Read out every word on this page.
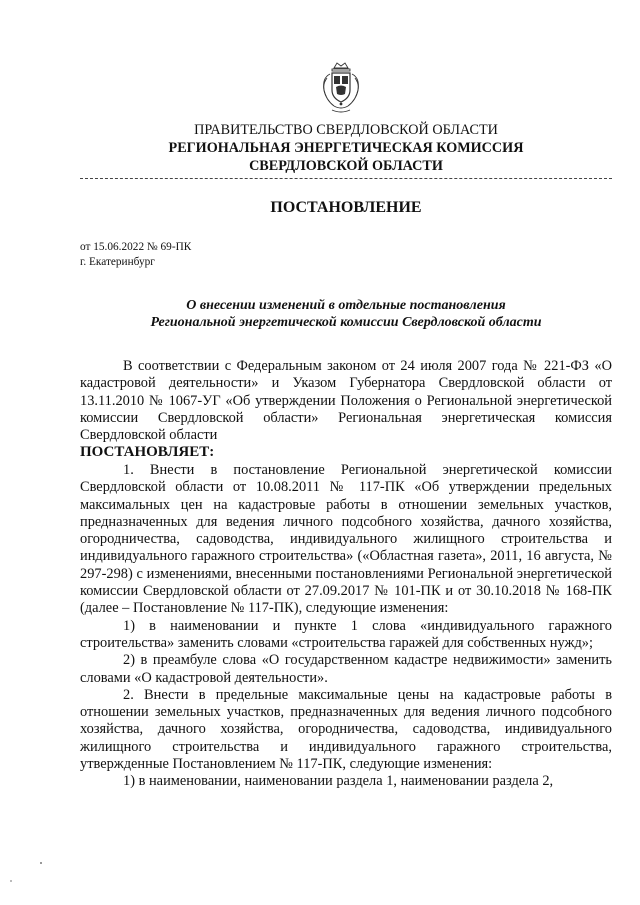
ПРАВИТЕЛЬСТВО СВЕРДЛОВСКОЙ ОБЛАСТИ
РЕГИОНАЛЬНАЯ ЭНЕРГЕТИЧЕСКАЯ КОМИССИЯ
СВЕРДЛОВСКОЙ ОБЛАСТИ
ПОСТАНОВЛЕНИЕ
от 15.06.2022 № 69-ПК
г. Екатеринбург
О внесении изменений в отдельные постановления
Региональной энергетической комиссии Свердловской области

В соответствии с Федеральным законом от 24 июля 2007 года № 221-ФЗ «О кадастровой деятельности» и Указом Губернатора Свердловской области от 13.11.2010 № 1067-УГ «Об утверждении Положения о Региональной энергетической комиссии Свердловской области» Региональная энергетическая комиссия Свердловской области

ПОСТАНОВЛЯЕТ:

1. Внести в постановление Региональной энергетической комиссии Свердловской области от 10.08.2011 № 117-ПК «Об утверждении предельных максимальных цен на кадастровые работы в отношении земельных участков, предназначенных для ведения личного подсобного хозяйства, дачного хозяйства, огородничества, садоводства, индивидуального жилищного строительства и индивидуального гаражного строительства» («Областная газета», 2011, 16 августа, № 297-298) с изменениями, внесенными постановлениями Региональной энергетической комиссии Свердловской области от 27.09.2017 № 101-ПК и от 30.10.2018 № 168-ПК (далее – Постановление № 117-ПК), следующие изменения:

1) в наименовании и пункте 1 слова «индивидуального гаражного строительства» заменить словами «строительства гаражей для собственных нужд»;

2) в преамбуле слова «О государственном кадастре недвижимости» заменить словами «О кадастровой деятельности».

2. Внести в предельные максимальные цены на кадастровые работы в отношении земельных участков, предназначенных для ведения личного подсобного хозяйства, дачного хозяйства, огородничества, садоводства, индивидуального жилищного строительства и индивидуального гаражного строительства, утвержденные Постановлением № 117-ПК, следующие изменения:

1) в наименовании, наименовании раздела 1, наименовании раздела 2,
